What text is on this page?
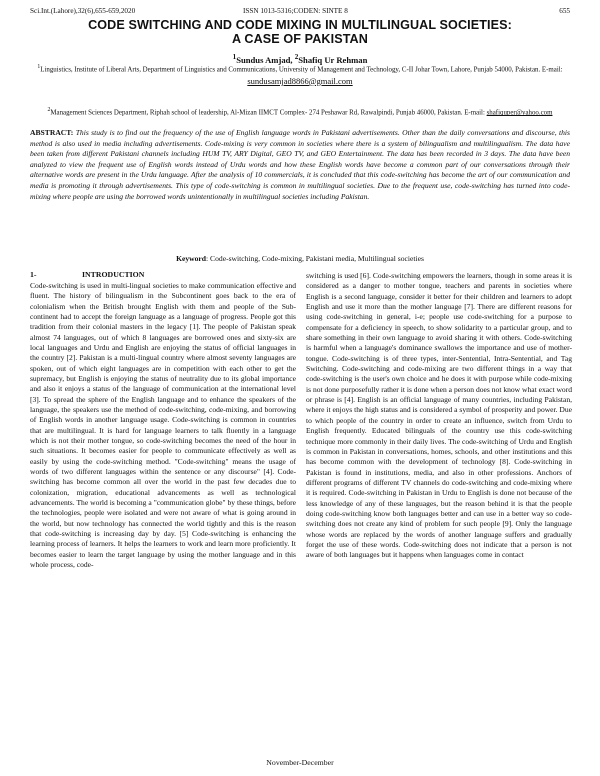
Sci.Int.(Lahore),32(6),655-659,2020	ISSN 1013-5316;CODEN: SINTE 8	655
CODE SWITCHING AND CODE MIXING IN MULTILINGUAL SOCIETIES:
A CASE OF PAKISTAN
$^1$Sundus Amjad, $^2$Shafiq Ur Rehman
$^1$Linguistics, Institute of Liberal Arts, Department of Linguistics and Communications, University of Management and Technology, C-II Johar Town, Lahore, Punjab 54000, Pakistan. E-mail: sundusamjad8866@gmail.com
$^2$Management Sciences Department, Riphah school of leadership, Al-Mizan IIMCT Complex- 274 Peshawar Rd, Rawalpindi, Punjab 46000, Pakistan. E-mail: shafiquper@yahoo.com
ABSTRACT: This study is to find out the frequency of the use of English language words in Pakistani advertisements. Other than the daily conversations and discourse, this method is also used in media including advertisements. Code-mixing is very common in societies where there is a system of bilingualism and multilingualism. The data have been taken from different Pakistani channels including HUM TV, ARY Digital, GEO TV, and GEO Entertainment. The data has been recorded in 3 days. The data have been analyzed to view the frequent use of English words instead of Urdu words and how these English words have become a common part of our conversations through their alternative words are present in the Urdu language. After the analysis of 10 commercials, it is concluded that this code-switching has become the art of our communication and media is promoting it through advertisements. This type of code-switching is common in multilingual societies. Due to the frequent use, code-switching has turned into code-mixing where people are using the borrowed words unintentionally in multilingual societies including Pakistan.
Keyword: Code-switching, Code-mixing, Pakistani media, Multilingual societies
1-	INTRODUCTION
Code-switching is used in multi-lingual societies to make communication effective and fluent. The history of bilingualism in the Subcontinent goes back to the era of colonialism when the British brought English with them and people of the Sub-continent had to accept the foreign language as a language of progress. People got this tradition from their colonial masters in the legacy [1]. The people of Pakistan speak almost 74 languages, out of which 8 languages are borrowed ones and sixty-six are local languages and Urdu and English are enjoying the status of official languages in the country [2]. Pakistan is a multi-lingual country where almost seventy languages are spoken, out of which eight languages are in competition with each other to get the supremacy, but English is enjoying the status of neutrality due to its global importance and also it enjoys a status of the language of communication at the international level [3]. To spread the sphere of the English language and to enhance the speakers of the language, the speakers use the method of code-switching, code-mixing, and borrowing of English words in another language usage. Code-switching is common in countries that are multilingual. It is hard for language learners to talk fluently in a language which is not their mother tongue, so code-switching becomes the need of the hour in such situations. It becomes easier for people to communicate effectively as well as easily by using the code-switching method. "Code-switching" means the usage of words of two different languages within the sentence or any discourse" [4]. Code-switching has become common all over the world in the past few decades due to colonization, migration, educational advancements as well as technological advancements. The world is becoming a "communication globe" by these things, before the technologies, people were isolated and were not aware of what is going around in the world, but now technology has connected the world tightly and this is the reason that code-switching is increasing day by day. [5] Code-switching is enhancing the learning process of learners. It helps the learners to work and learn more proficiently. It becomes easier to learn the target language by using the mother language and in this whole process, code-
switching is used [6]. Code-switching empowers the learners, though in some areas it is considered as a danger to mother tongue, teachers and parents in societies where English is a second language, consider it better for their children and learners to adopt English and use it more than the mother language [7]. There are different reasons for using code-switching in general, i-e; people use code-switching for a purpose to compensate for a deficiency in speech, to show solidarity to a particular group, and to share something in their own language to avoid sharing it with others. Code-switching is harmful when a language's dominance swallows the importance and use of mother-tongue. Code-switching is of three types, inter-Sentential, Intra-Sentential, and Tag Switching. Code-switching and code-mixing are two different things in a way that code-switching is the user's own choice and he does it with purpose while code-mixing is not done purposefully rather it is done when a person does not know what exact word or phrase is [4]. English is an official language of many countries, including Pakistan, where it enjoys the high status and is considered a symbol of prosperity and power. Due to which people of the country in order to create an influence, switch from Urdu to English frequently. Educated bilinguals of the country use this code-switching technique more commonly in their daily lives. The code-switching of Urdu and English is common in Pakistan in conversations, homes, schools, and other institutions and this has become common with the development of technology [8]. Code-switching in Pakistan is found in institutions, media, and also in other professions. Anchors of different programs of different TV channels do code-switching and code-mixing where it is required. Code-switching in Pakistan in Urdu to English is done not because of the less knowledge of any of these languages, but the reason behind it is that the people doing code-switching know both languages better and can use in a better way so code-switching does not create any kind of problem for such people [9]. Only the language whose words are replaced by the words of another language suffers and gradually forget the use of these words. Code-switching does not indicate that a person is not aware of both languages but it happens when languages come in contact
November-December
